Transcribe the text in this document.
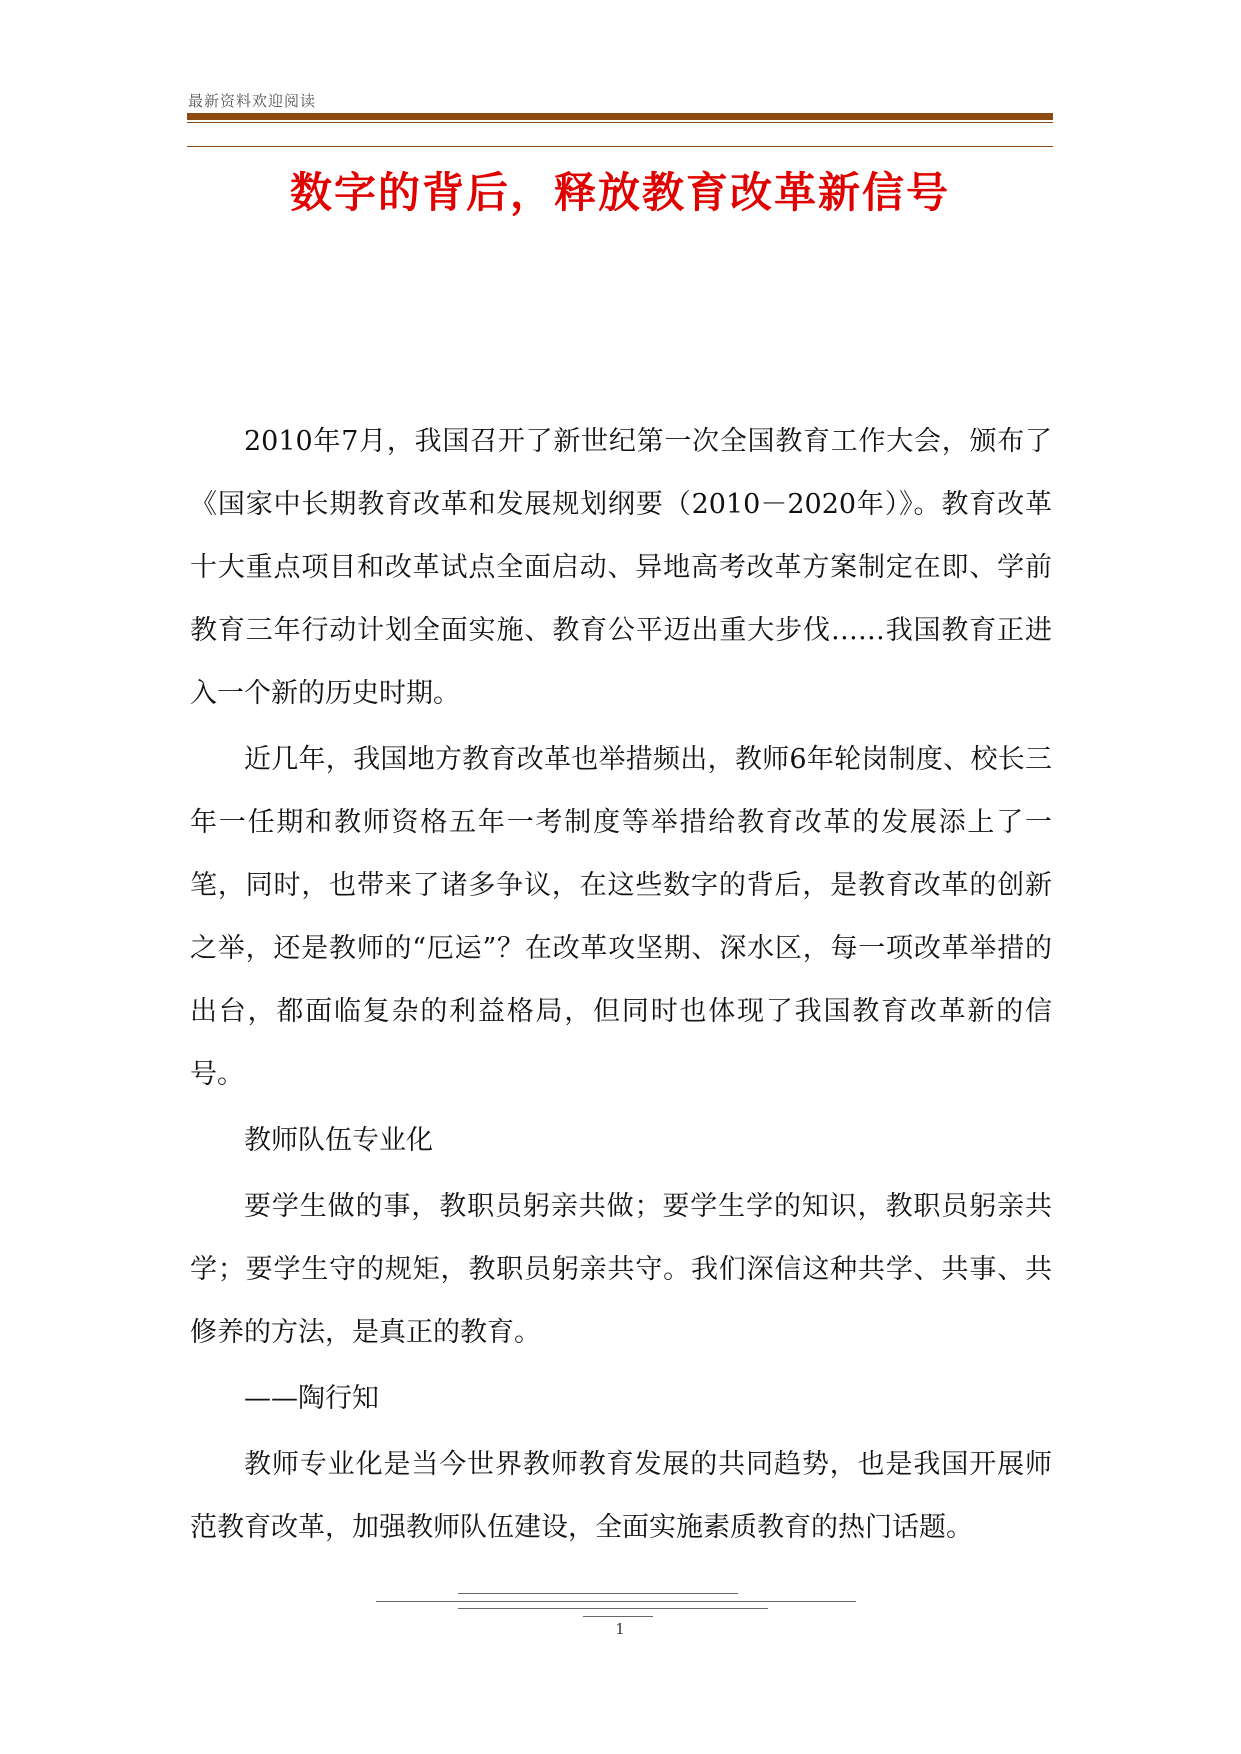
最新资料欢迎阅读
数字的背后，释放教育改革新信号

2010年7月，我国召开了新世纪第一次全国教育工作大会，颁布了《国家中长期教育改革和发展规划纲要（2010－2020年）》。教育改革十大重点项目和改革试点全面启动、异地高考改革方案制定在即、学前教育三年行动计划全面实施、教育公平迈出重大步伐……我国教育正进入一个新的历史时期。

近几年，我国地方教育改革也举措频出，教师6年轮岗制度、校长三年一任期和教师资格五年一考制度等举措给教育改革的发展添上了一笔，同时，也带来了诸多争议，在这些数字的背后，是教育改革的创新之举，还是教师的“厄运”？在改革攻坚期、深水区，每一项改革举措的出台，都面临复杂的利益格局，但同时也体现了我国教育改革新的信号。

教师队伍专业化

要学生做的事，教职员躬亲共做；要学生学的知识，教职员躬亲共学；要学生守的规矩，教职员躬亲共守。我们深信这种共学、共事、共修养的方法，是真正的教育。

——陶行知

教师专业化是当今世界教师教育发展的共同趋势，也是我国开展师范教育改革，加强教师队伍建设，全面实施素质教育的热门话题。

1
